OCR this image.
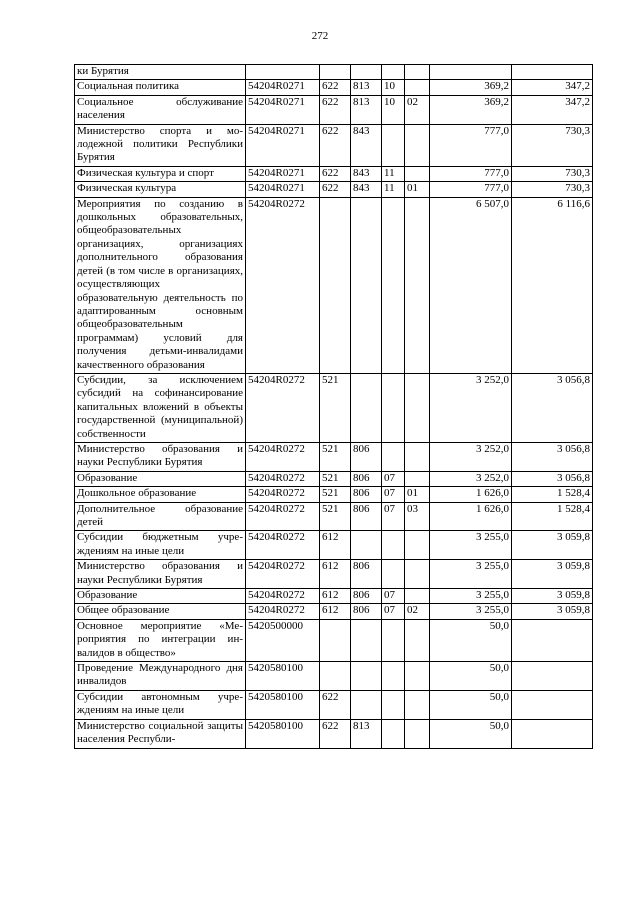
272
ки Бурятия							
Социальная политика	54204R0271	622	813	10		369,2	347,2
Социальное обслуживание населения	54204R0271	622	813	10	02	369,2	347,2
Министерство спорта и молодежной политики Республики Бурятия	54204R0271	622	843			777,0	730,3
Физическая культура и спорт	54204R0271	622	843	11		777,0	730,3
Физическая культура	54204R0271	622	843	11	01	777,0	730,3
Мероприятия по созданию в дошкольных образовательных, общеобразовательных организациях, организациях дополнительного образования детей (в том числе в организациях, осуществляющих образовательную деятельность по адаптированным основным общеобразовательным программам) условий для получения детьми-инвалидами качественного образования	54204R0272					6 507,0	6 116,6
Субсидии, за исключением субсидий на софинансирование капитальных вложений в объекты государственной (муниципальной) собственности	54204R0272	521				3 252,0	3 056,8
Министерство образования и науки Республики Бурятия	54204R0272	521	806			3 252,0	3 056,8
Образование	54204R0272	521	806	07		3 252,0	3 056,8
Дошкольное образование	54204R0272	521	806	07	01	1 626,0	1 528,4
Дополнительное образование детей	54204R0272	521	806	07	03	1 626,0	1 528,4
Субсидии бюджетным учреждениям на иные цели	54204R0272	612				3 255,0	3 059,8
Министерство образования и науки Республики Бурятия	54204R0272	612	806			3 255,0	3 059,8
Образование	54204R0272	612	806	07		3 255,0	3 059,8
Общее образование	54204R0272	612	806	07	02	3 255,0	3 059,8
Основное мероприятие «Мероприятия по интеграции инвалидов в общество»	5420500000					50,0	
Проведение Международного дня инвалидов	5420580100					50,0	
Субсидии автономным учреждениям на иные цели	5420580100	622				50,0	
Министерство социальной защиты населения Республи-	5420580100	622	813			50,0	
